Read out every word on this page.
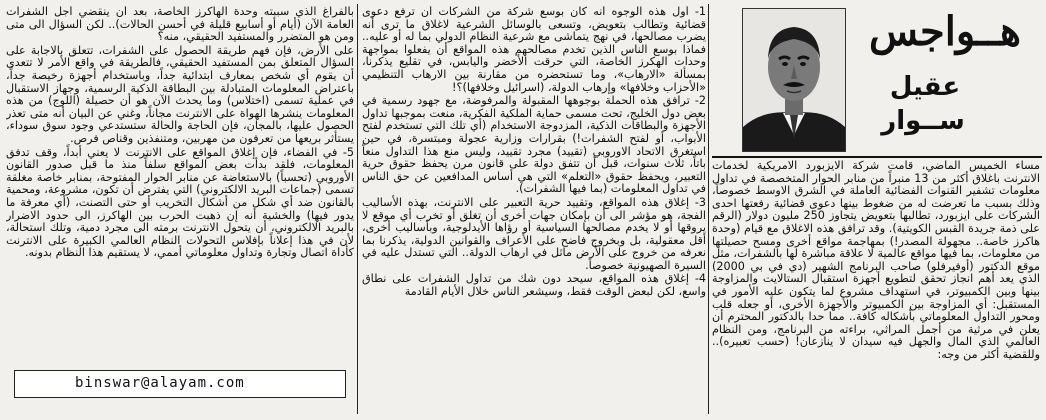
هــواجس
عقيل
ســوار

مساء الخميس الماضي، قامت شركة الايزبورد الامريكية لخدمات الانترنت باغلاق أكثر من 13 منبراً من منابر الحوار المتخصصة في تداول معلومات تشفير القنوات الفضائية العاملة في الشرق الاوسط خصوصاً، وذلك بسبب ما تعرضت له من ضغوط بينها دعوى قضائية رفعتها احدى الشركات على ايزبورد، تطالبها بتعويض يتجاوز 250 مليون دولار (الرقم على ذمة جريدة القبس الكويتية). وقد ترافق هذه الاغلاق مع قيام (وحدة هاكرز خاصة.. مجهولة المصدر!) بمهاجمة مواقع أخرى ومسح حصيلتها من معلومات، بما فيها مواقع عالمية لا علاقة مباشرة لها بالشفرات، مثل موقع الدكتور (أوفيرفلو) صاحب البرنامج الشهير (دي في بي 2000) الذي يعد أهم انجاز تحقق لتطويع أجهزة استقبال الستالايت والمزاوجة بينها وبين الكمبيوتر، في استهداف مشروع لما يتكون عليه الأمور في المستقبل: أي المزاوجة بين الكمبيوتر والأجهزة الأخرى، أو جعله قلب ومحور التداول المعلوماتي بأشكاله كافة.. مما حدا بالدكتور المحترم أن يعلن في مرثية من أجمل المراثي، براءته من البرنامج، ومن النظام العالمي الذي المال والجهل فيه سيدان لا ينازعان! (حسب تعبيره).. وللقضية أكثر من وجه:

1- أول هذه الوجوه أنه كان بوسع شركة من الشركات أن ترفع دعوى قضائية وتطالب بتعويض، وتسعى بالوسائل الشرعية لاغلاق ما ترى أنه يضرب مصالحها، في نهج يتماشى مع شرعية النظام الدولي بما له أو عليه.. فماذا بوسع الناس الذين تخدم مصالحهم هذه المواقع أن يفعلوا بمواجهة وحدات الهكرز الخاصة، التي حرقت الأخضر واليابس، في تقليع يذكرنا، بمسألة «الارهاب»، وما تستحضره من مقارنة بين الارهاب التنظيمي «الأحزاب وخلافها» وإرهاب الدولة، (اسرائيل وخلافها)؟!

2- ترافق هذه الحملة بوجوهها المقبولة والمرفوضة، مع جهود رسمية في بعض دول الخليج، تحت مسمى حماية الملكية الفكرية، منعت بموجبها تداول الأجهزة والبطاقات الذكية، المزدوجة الاستخدام (أي تلك التي تستخدم لفتح الأبواب، أو لفتح الشفرات!) بقرارات وزارية عجولة ومبتسرة، في حين استغرق الاتحاد الاوروبي (تقييد) مجرد تقييد، وليس منع هذا التداول منعاً باتاً، ثلاث سنوات، قبل أن تتفق دولة على قانون مرن يحفظ حقوق حرية التعبير، ويحفظ حقوق «التعلم» التي هي أساس المدافعين عن حق الناس في تداول المعلومات (بما فيها الشفرات).

3- إغلاق هذه المواقع، وتقييد حرية التعبير على الانترنت، بهذه الأساليب الفجة، هو مؤشر الى أن بإمكان جهات أخرى أن تغلق أو تخرب أي موقع لا يروقها أو لا يخدم مصالحها السياسية أو رؤاها الأيدلوجية، وبأساليب أخرى، أقل معقولية، بل وبخروج فاضح على الأعراف والقوانين الدولية، يذكرنا بما نعرفه من خروج على الأرض ماثل في ارهاب الدولة.. التي تستدل عليه في السيرة الصهيونية خصوصاً.

4- إغلاق هذه المواقع، سيحد دون شك من تداول الشفرات على نطاق واسع، لكن لبعض الوقت فقط، وسيشعر الناس خلال الأيام القادمة

بالفراغ الذي سببته وحدة الهاكرز الخاصة، بعد أن ينقضي أجل الشفرات العامة الآن (أيام أو أسابيع قليلة في أحسن الحالات).. لكن السؤال الى متى ومن هو المتضرر والمستفيد الحقيقي، منه؟

على الأرض، فإن فهم طريقة الحصول على الشفرات، تتعلق بالاجابة على السؤال المتعلق بمن المستفيد الحقيقي، فالطريقة في واقع الأمر لا تتعدى أن يقوم أي شخص بمعارف ابتدائية جداً، وباستخدام أجهزة رخيصة جداً، باعتراض المعلومات المتبادلة بين البطاقة الذكية الرسمية، وجهاز الاستقبال في عملية تسمى (اختلاس) وما يحدث الآن هو أن حصيلة (اللوج) من هذه المعلومات ينشرها الهواة على الانترنت مجاناً، وغني عن البيان أنه متى تعذر الحصول عليها، بالمجان، فإن الحاجة والحالة ستستدعي وجود سوق سوداء، يستأثر بريعها من تعرفون من مهربين، ومتنفذين وقناص فرص.

5- في الفضاء، فإن إغلاق المواقع على الانترنت لا يعني أبداً، وقف تدفق المعلومات، فلقد بدأت بعض المواقع سلفاً منذ ما قبل صدور القانون الأوروبي (تحسباً) بالاستعاضة عن منابر الحوار المفتوحة، بمنابر خاصة مغلقة تسمى (جماعات البريد الالكتروني) التي يفترض أن تكون، مشروعة، ومحمية بالقانون ضد أي شكل من أشكال التخريب أو حتى التصنت، (أي معرفة ما يدور فيها) والخشية أنه إن ذهبت الحرب بين الهاكرز، الى حدود الاضرار بالبريد الالكتروني، أن يتحول الانترنت برمته الى مجرد دمية، وتلك استحالة، لأن في هذا إعلاناً بإفلاس التحولات النظام العالمي الكبيرة على الانترنت كأداة اتصال وتجارة وتداول معلوماتي أممي، لا يستقيم هذا النظام بدونه.

binswar@alayam.com
